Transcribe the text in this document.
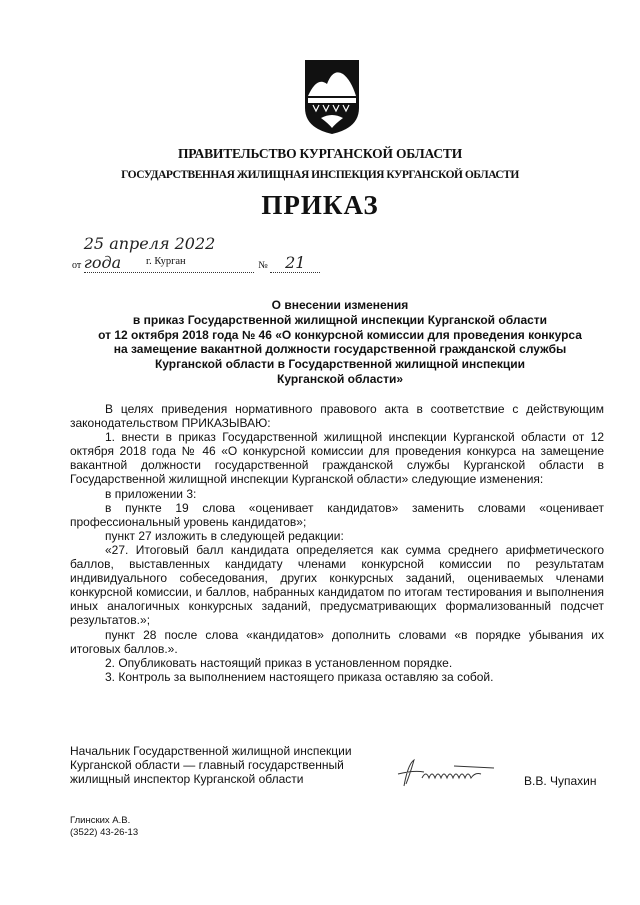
ПРАВИТЕЛЬСТВО КУРГАНСКОЙ ОБЛАСТИ
ГОСУДАРСТВЕННАЯ ЖИЛИЩНАЯ ИНСПЕКЦИЯ КУРГАНСКОЙ ОБЛАСТИ
ПРИКАЗ
от 25 апреля 2022 года	№ 21
г. Курган
О внесении изменения
в приказ Государственной жилищной инспекции Курганской области
от 12 октября 2018 года № 46 «О конкурсной комиссии для проведения конкурса
на замещение вакантной должности государственной гражданской службы
Курганской области в Государственной жилищной инспекции
Курганской области»

В целях приведения нормативного правового акта в соответствие с действующим законодательством ПРИКАЗЫВАЮ:

1. внести в приказ Государственной жилищной инспекции Курганской области от 12 октября 2018 года № 46 «О конкурсной комиссии для проведения конкурса на замещение вакантной должности государственной гражданской службы Курганской области в Государственной жилищной инспекции Курганской области» следующие изменения:

в приложении 3:

в пункте 19 слова «оценивает кандидатов» заменить словами «оценивает профессиональный уровень кандидатов»;

пункт 27 изложить в следующей редакции:

«27. Итоговый балл кандидата определяется как сумма среднего арифметического баллов, выставленных кандидату членами конкурсной комиссии по результатам индивидуального собеседования, других конкурсных заданий, оцениваемых членами конкурсной комиссии, и баллов, набранных кандидатом по итогам тестирования и выполнения иных аналогичных конкурсных заданий, предусматривающих формализованный подсчет результатов.»;

пункт 28 после слова «кандидатов» дополнить словами «в порядке убывания их итоговых баллов.».

2. Опубликовать настоящий приказ в установленном порядке.

3. Контроль за выполнением настоящего приказа оставляю за собой.

Начальник Государственной жилищной инспекции
Курганской области — главный государственный
жилищный инспектор Курганской области	В.В. Чупахин
Глинских А.В.
(3522) 43-26-13
